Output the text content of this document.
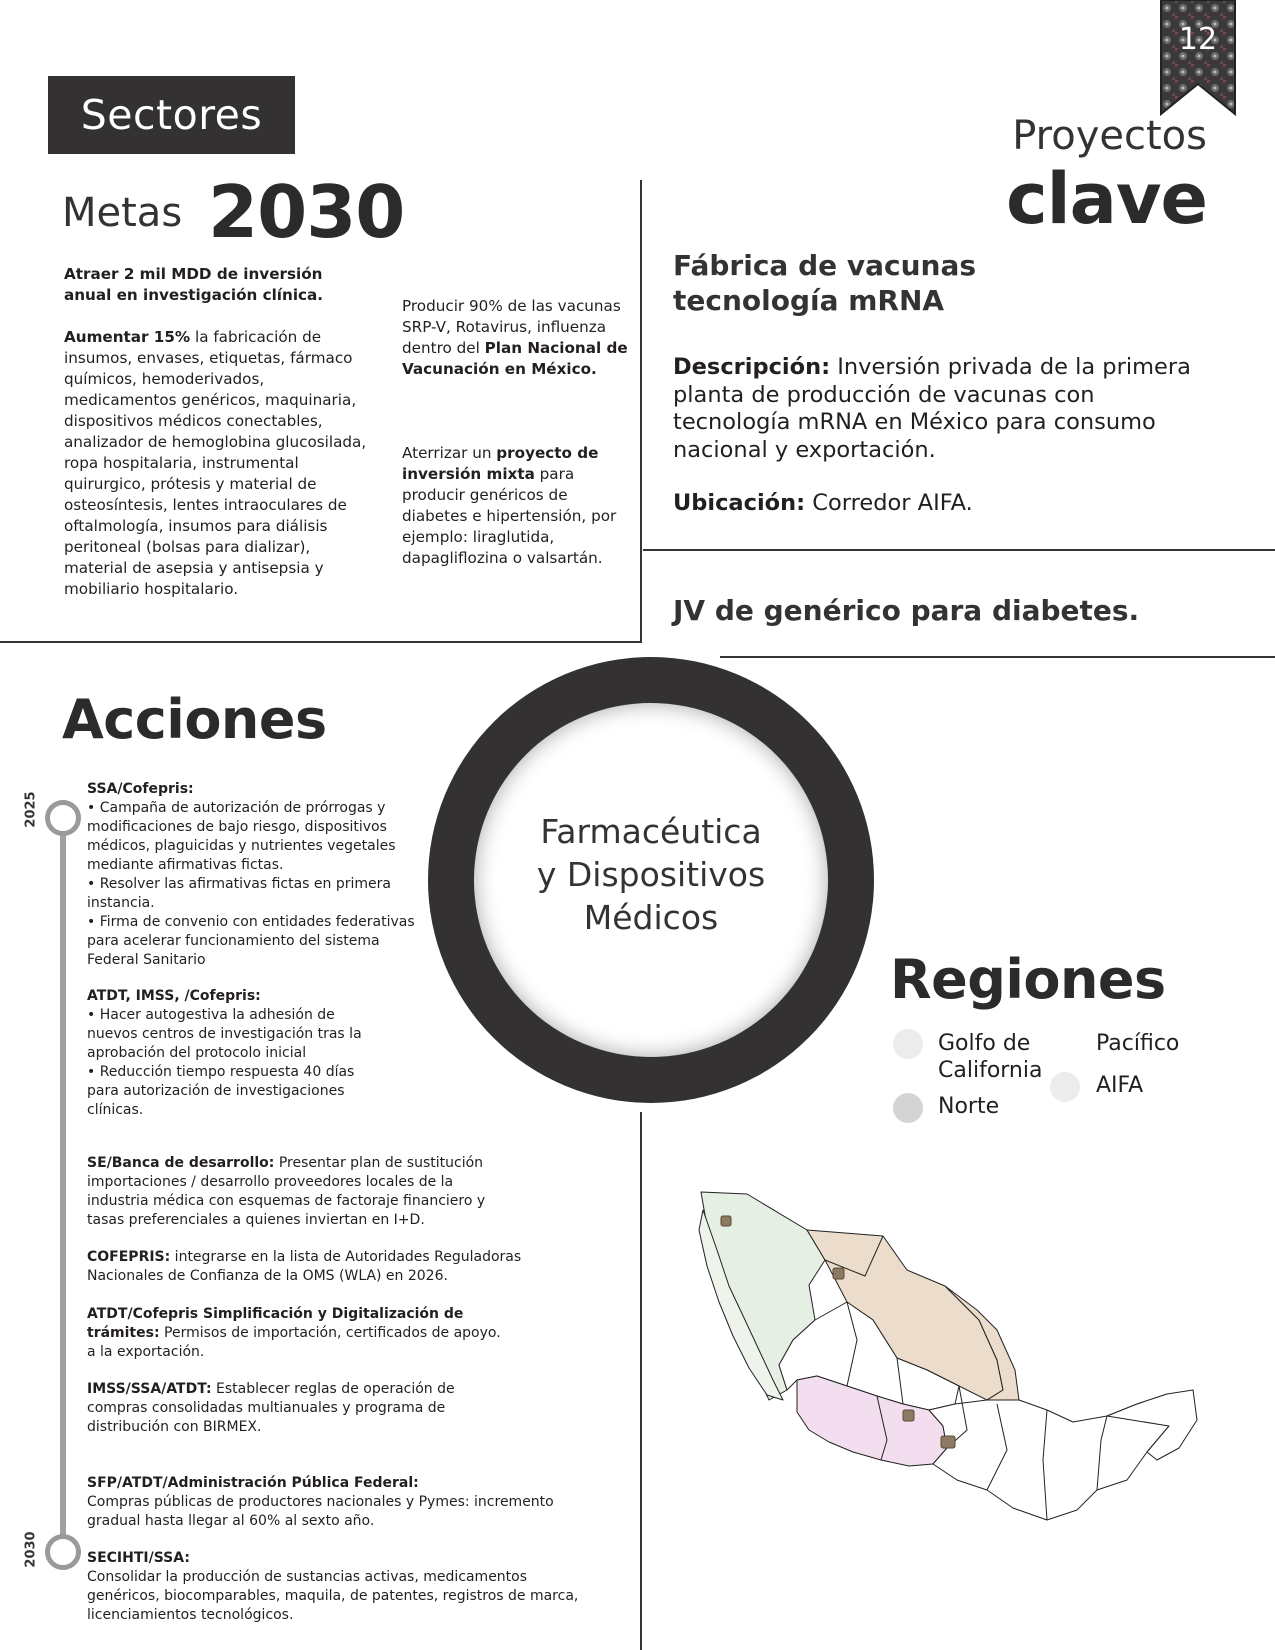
Sectores
12
Metas 2030
Proyectos
clave

Atraer 2 mil MDD de inversión anual en investigación clínica.

Aumentar 15% la fabricación de insumos, envases, etiquetas, fármaco químicos, hemoderivados, medicamentos genéricos, maquinaria, dispositivos médicos conectables, analizador de hemoglobina glucosilada, ropa hospitalaria, instrumental quirurgico, prótesis y material de osteosíntesis, lentes intraoculares de oftalmología, insumos para diálisis peritoneal (bolsas para dializar), material de asepsia y antisepsia y mobiliario hospitalario.

Producir 90% de las vacunas SRP-V, Rotavirus, influenza dentro del Plan Nacional de Vacunación en México.

Aterrizar un proyecto de inversión mixta para producir genéricos de diabetes e hipertensión, por ejemplo: liraglutida, dapagliflozina o valsartán.

Fábrica de vacunas tecnología mRNA
Descripción: Inversión privada de la primera planta de producción de vacunas con tecnología mRNA en México para consumo nacional y exportación.
Ubicación: Corredor AIFA.
JV de genérico para diabetes.
Acciones
Farmacéutica
y Dispositivos
Médicos
2025
2030
SSA/Cofepris:
• Campaña de autorización de prórrogas y modificaciones de bajo riesgo, dispositivos médicos, plaguicidas y nutrientes vegetales mediante afirmativas fictas.
• Resolver las afirmativas fictas en primera instancia.
• Firma de convenio con entidades federativas para acelerar funcionamiento del sistema Federal Sanitario
ATDT, IMSS, /Cofepris:
• Hacer autogestiva la adhesión de nuevos centros de investigación tras la aprobación del protocolo inicial
• Reducción tiempo respuesta 40 días para autorización de investigaciones clínicas.
SE/Banca de desarrollo: Presentar plan de sustitución importaciones / desarrollo proveedores locales de la industria médica con esquemas de factoraje financiero y tasas preferenciales a quienes inviertan en I+D.
COFEPRIS: integrarse en la lista de Autoridades Reguladoras Nacionales de Confianza de la OMS (WLA) en 2026.
ATDT/Cofepris Simplificación y Digitalización de trámites: Permisos de importación, certificados de apoyo. a la exportación.
IMSS/SSA/ATDT: Establecer reglas de operación de compras consolidadas multianuales y programa de distribución con BIRMEX.
SFP/ATDT/Administración Pública Federal:
Compras públicas de productores nacionales y Pymes: incremento gradual hasta llegar al 60% al sexto año.
SECIHTI/SSA:
Consolidar la producción de sustancias activas, medicamentos genéricos, biocomparables, maquila, de patentes, registros de marca, licenciamientos tecnológicos.
Regiones
Golfo de California
Norte
Pacífico
AIFA
